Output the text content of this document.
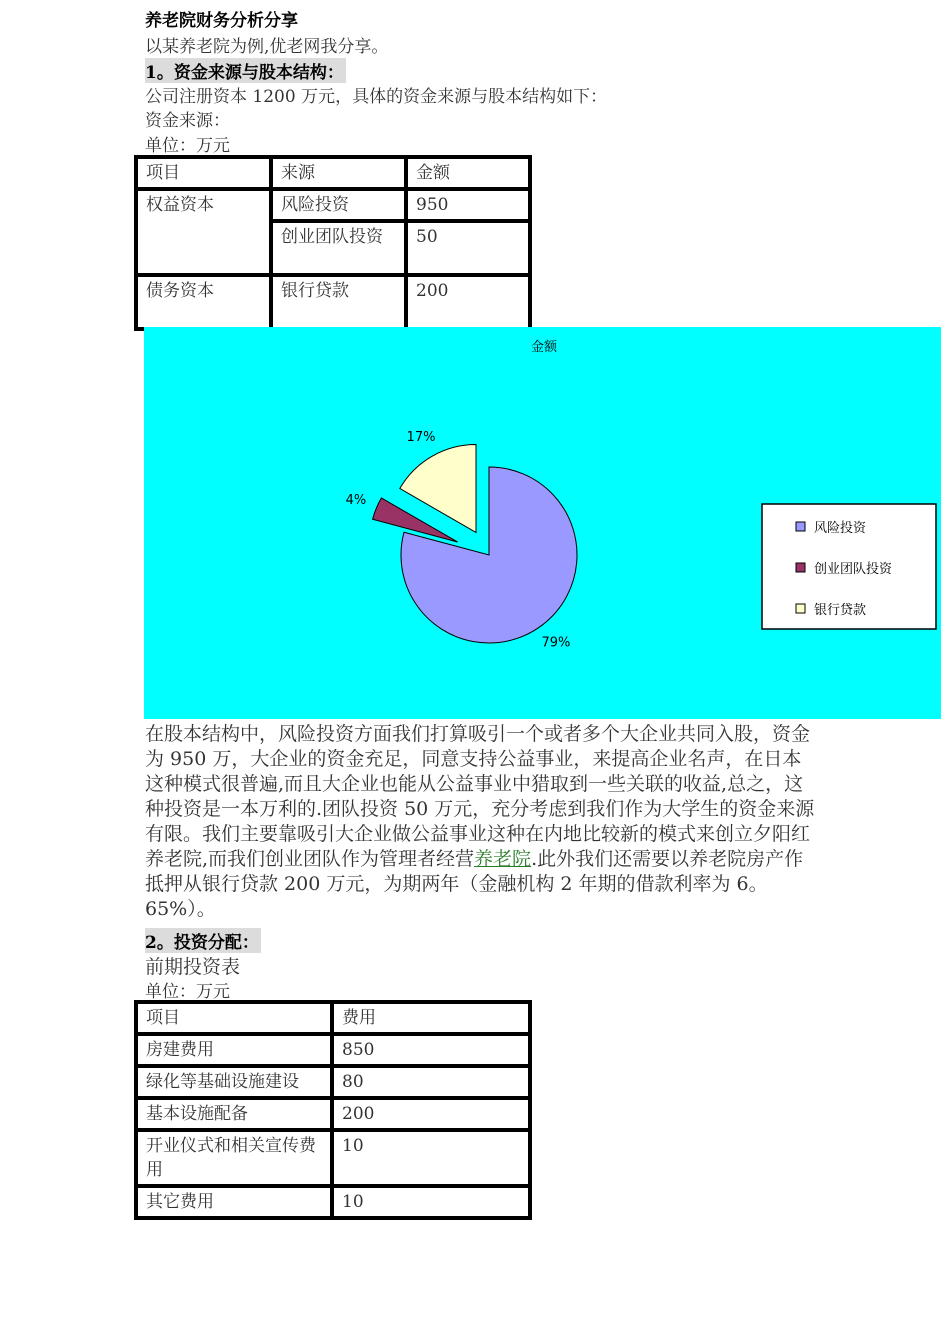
养老院财务分析分享
以某养老院为例,优老网我分享。
1。资金来源与股本结构：
公司注册资本 1200 万元，具体的资金来源与股本结构如下：
资金来源：
单位：万元
项目	来源	金额
权益资本	风险投资	950
	创业团队投资	50
债务资本	银行贷款	200
金额
79%
4%
17%
风险投资
创业团队投资
银行贷款
在股本结构中，风险投资方面我们打算吸引一个或者多个大企业共同入股，资金为 950 万，大企业的资金充足，同意支持公益事业，来提高企业名声，在日本这种模式很普遍,而且大企业也能从公益事业中猎取到一些关联的收益,总之，这种投资是一本万利的.团队投资 50 万元，充分考虑到我们作为大学生的资金来源有限。我们主要靠吸引大企业做公益事业这种在内地比较新的模式来创立夕阳红养老院,而我们创业团队作为管理者经营养老院.此外我们还需要以养老院房产作抵押从银行贷款 200 万元，为期两年（金融机构 2 年期的借款利率为 6。65%）。
2。投资分配：
前期投资表
单位：万元
项目	费用
房建费用	850
绿化等基础设施建设	80
基本设施配备	200
开业仪式和相关宣传费用	10
其它费用	10
